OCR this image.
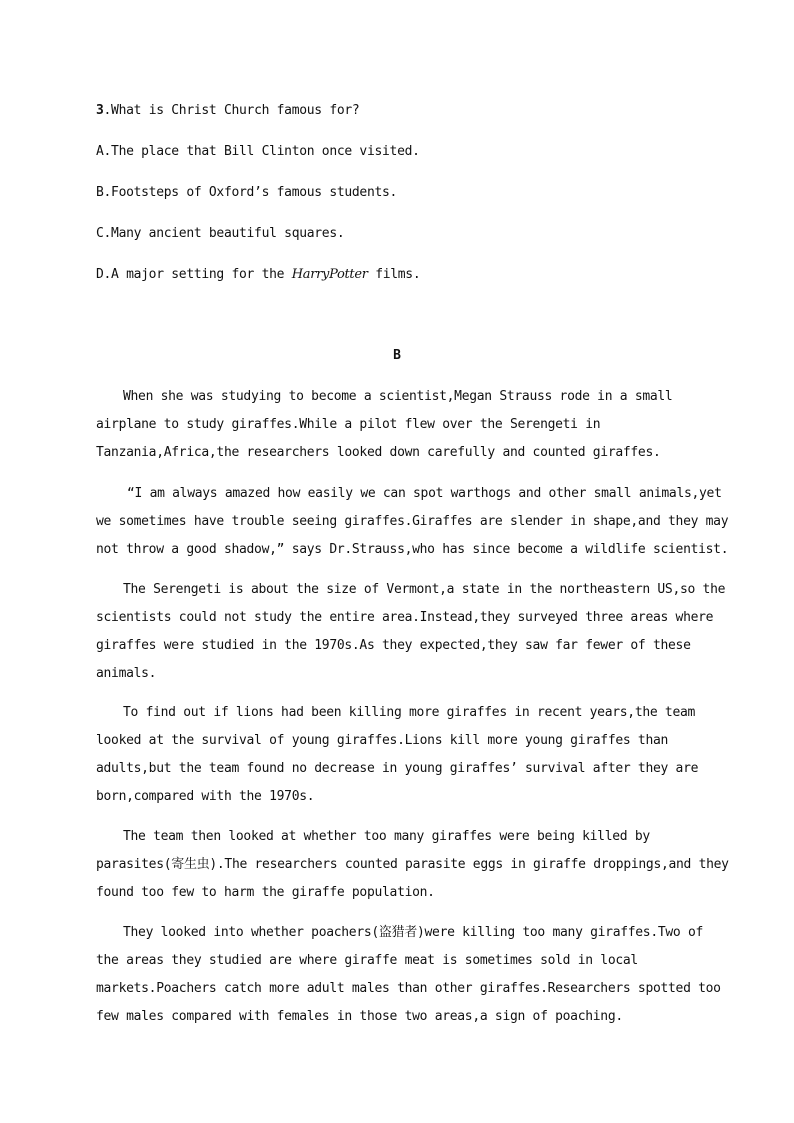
3.What is Christ Church famous for?
A.The place that Bill Clinton once visited.
B.Footsteps of Oxford’s famous students.
C.Many ancient beautiful squares.
D.A major setting for the HarryPotter films.
B
When she was studying to become a scientist,Megan Strauss rode in a small
airplane to study giraffes.While a pilot flew over the Serengeti in
Tanzania,Africa,the researchers looked down carefully and counted giraffes.
“I am always amazed how easily we can spot warthogs and other small animals,yet
we sometimes have trouble seeing giraffes.Giraffes are slender in shape,and they may
not throw a good shadow,” says Dr.Strauss,who has since become a wildlife scientist.
The Serengeti is about the size of Vermont,a state in the northeastern US,so the
scientists could not study the entire area.Instead,they surveyed three areas where
giraffes were studied in the 1970s.As they expected,they saw far fewer of these
animals.
To find out if lions had been killing more giraffes in recent years,the team
looked at the survival of young giraffes.Lions kill more young giraffes than
adults,but the team found no decrease in young giraffes’ survival after they are
born,compared with the 1970s.
The team then looked at whether too many giraffes were being killed by
parasites(寄生虫).The researchers counted parasite eggs in giraffe droppings,and they
found too few to harm the giraffe population.
They looked into whether poachers(盗猎者)were killing too many giraffes.Two of
the areas they studied are where giraffe meat is sometimes sold in local
markets.Poachers catch more adult males than other giraffes.Researchers spotted too
few males compared with females in those two areas,a sign of poaching.
